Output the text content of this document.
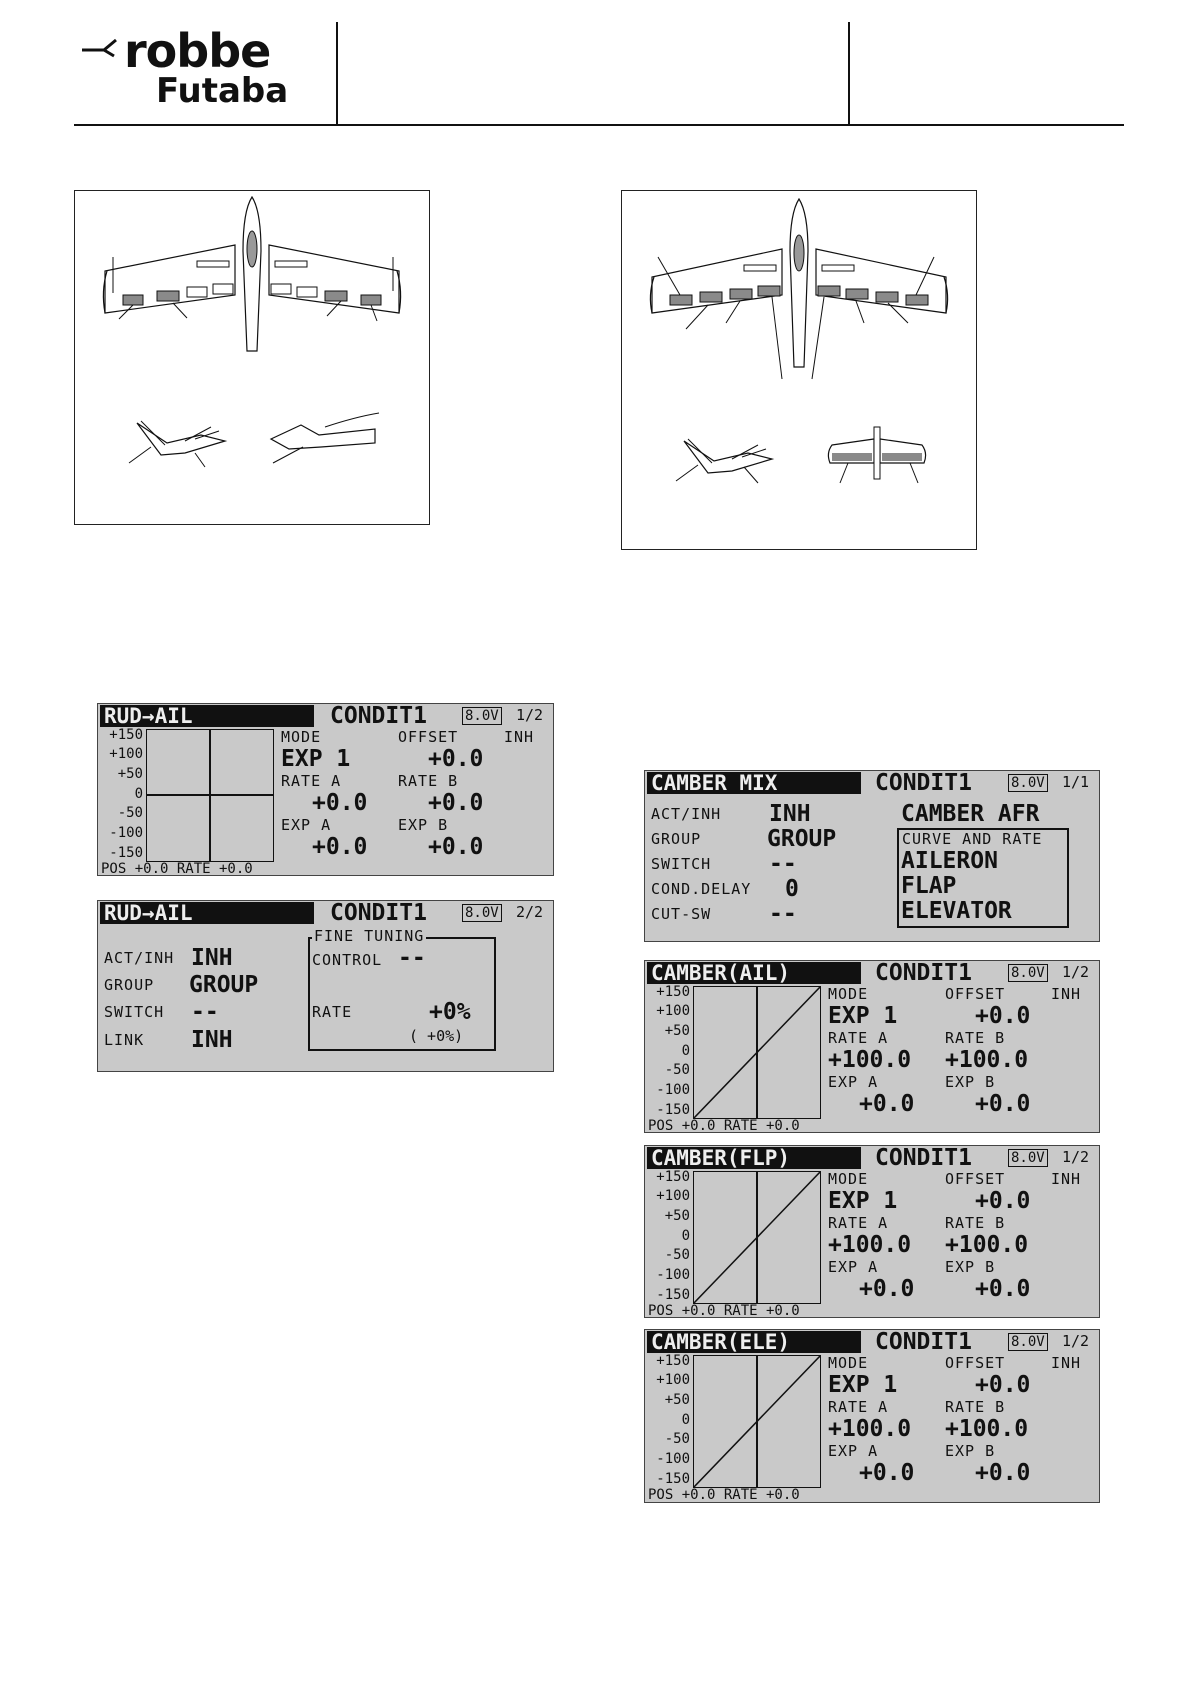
robbe
Futaba
RUD→AIL	CONDIT1	8.0V 1/2
+150
+100
+50
0
-50
-100
-150
POS +0.0 RATE +0.0
MODE	OFFSET	INH
EXP 1	+0.0
RATE A	RATE B
+0.0	+0.0
EXP A	EXP B
+0.0	+0.0
RUD→AIL	CONDIT1	8.0V 2/2
ACT/INH INH
GROUP GROUP
SWITCH --
LINK INH
FINE TUNING
CONTROL --
RATE	+0%
( +0%)
CAMBER MIX	CONDIT1	8.0V 1/1
ACT/INH INH
GROUP	GROUP
SWITCH	--
COND.DELAY 0
CUT-SW	--
CAMBER AFR
CURVE AND RATE
AILERON
FLAP
ELEVATOR
CAMBER(AIL)	CONDIT1	8.0V 1/2
+150
+100
+50
0
-50
-100
-150
POS +0.0 RATE +0.0
MODE	OFFSET	INH
EXP 1	+0.0
RATE A	RATE B
+100.0 +100.0
EXP A	EXP B
+0.0	+0.0
CAMBER(FLP)	CONDIT1	8.0V 1/2
+150
+100
+50
0
-50
-100
-150
POS +0.0 RATE +0.0
MODE	OFFSET	INH
EXP 1	+0.0
RATE A	RATE B
+100.0 +100.0
EXP A	EXP B
+0.0	+0.0
CAMBER(ELE)	CONDIT1	8.0V 1/2
+150
+100
+50
0
-50
-100
-150
POS +0.0 RATE +0.0
MODE	OFFSET	INH
EXP 1	+0.0
RATE A	RATE B
+100.0 +100.0
EXP A	EXP B
+0.0	+0.0
